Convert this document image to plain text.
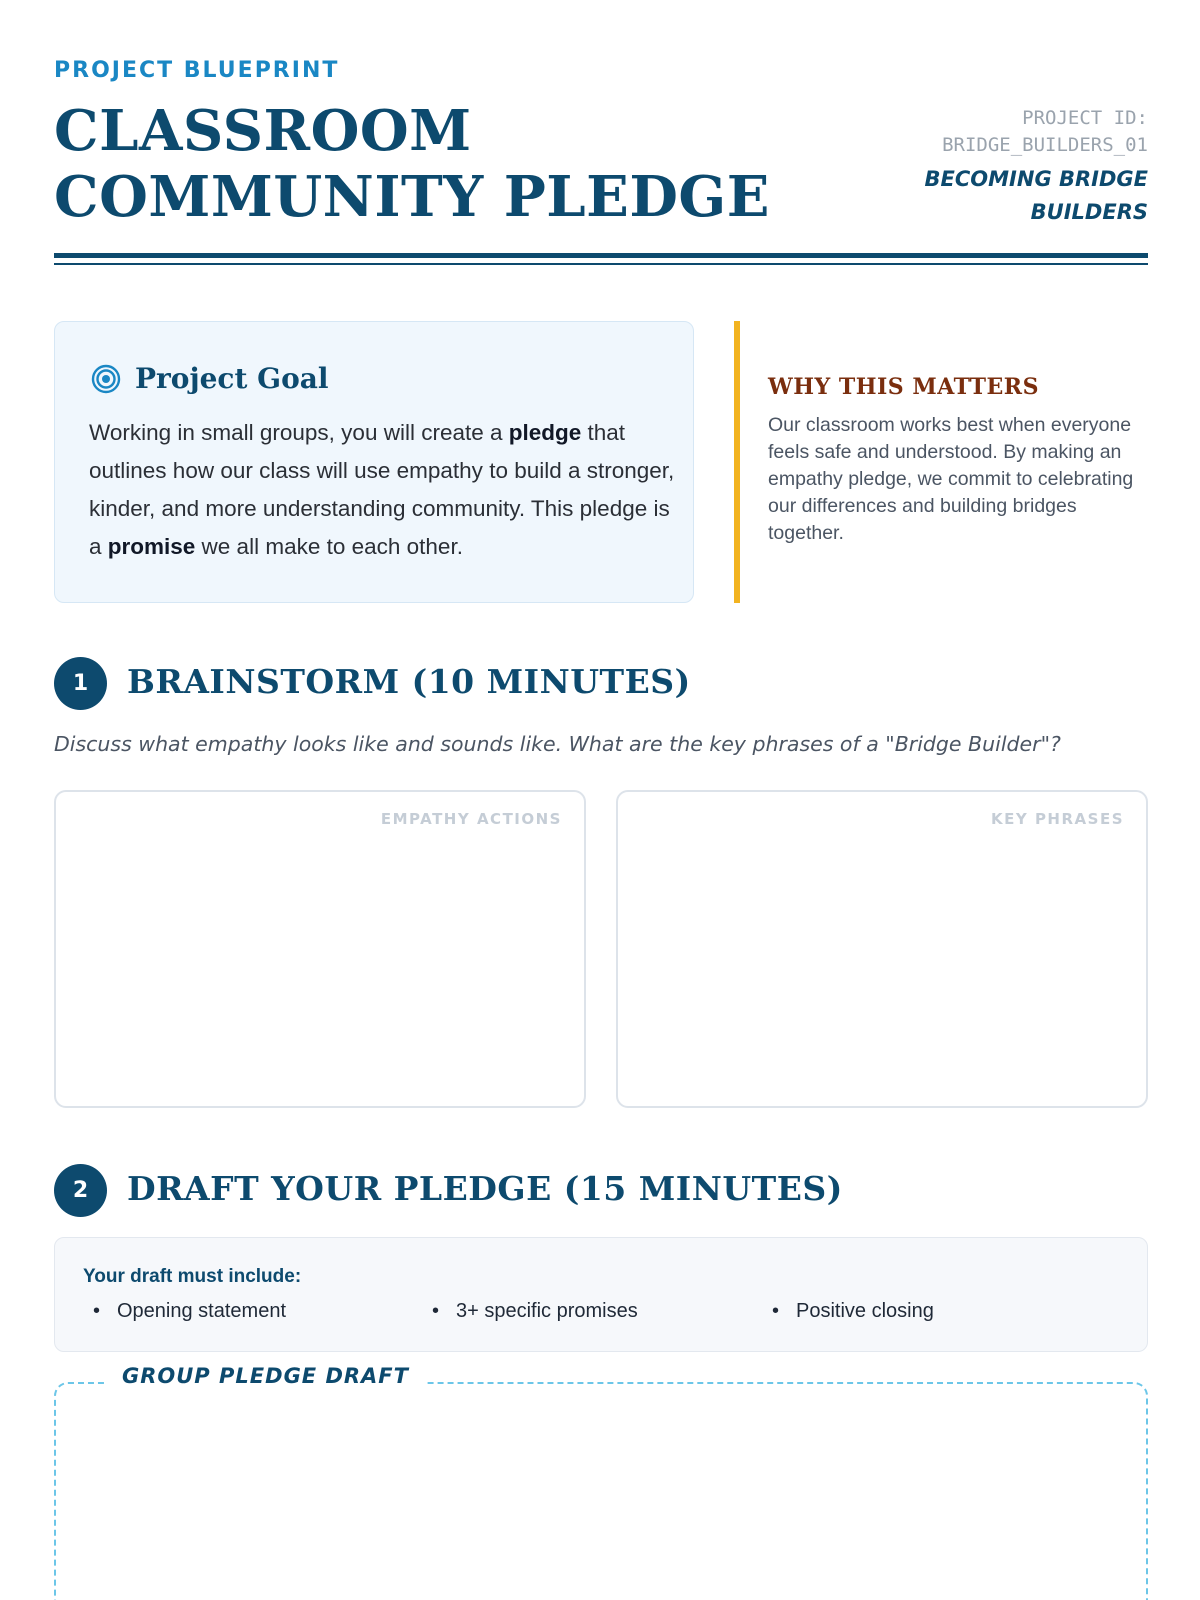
PROJECT BLUEPRINT
CLASSROOM COMMUNITY PLEDGE
PROJECT ID:
BRIDGE_BUILDERS_01
BECOMING BRIDGE BUILDERS
Project Goal

Working in small groups, you will create a pledge that outlines how our class will use empathy to build a stronger, kinder, and more understanding community. This pledge is a promise we all make to each other.

WHY THIS MATTERS

Our classroom works best when everyone feels safe and understood. By making an empathy pledge, we commit to celebrating our differences and building bridges together.

1	BRAINSTORM (10 MINUTES)

Discuss what empathy looks like and sounds like. What are the key phrases of a "Bridge Builder"?

EMPATHY ACTIONS	KEY PHRASES
2	DRAFT YOUR PLEDGE (15 MINUTES)
Your draft must include:
• Opening statement	• 3+ specific promises	• Positive closing
GROUP PLEDGE DRAFT
